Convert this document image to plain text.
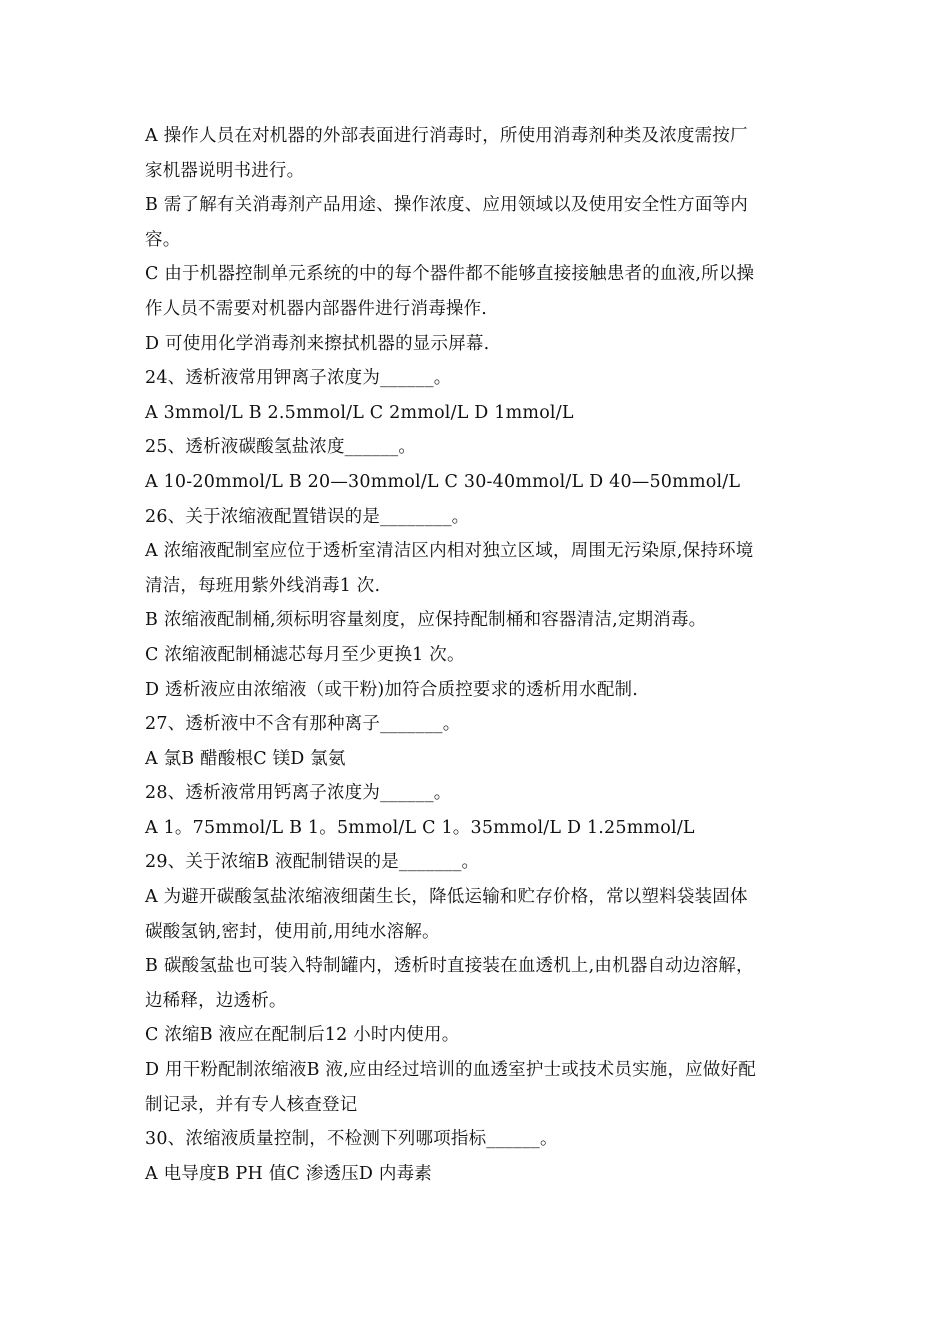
A 操作人员在对机器的外部表面进行消毒时，所使用消毒剂种类及浓度需按厂
家机器说明书进行。
B 需了解有关消毒剂产品用途、操作浓度、应用领域以及使用安全性方面等内
容。
C 由于机器控制单元系统的中的每个器件都不能够直接接触患者的血液,所以操
作人员不需要对机器内部器件进行消毒操作.
D 可使用化学消毒剂来擦拭机器的显示屏幕.
24、透析液常用钾离子浓度为______。
A 3mmol/L B 2.5mmol/L C 2mmol/L D 1mmol/L
25、透析液碳酸氢盐浓度______。
A 10-20mmol/L B 20—30mmol/L C 30-40mmol/L D 40—50mmol/L
26、关于浓缩液配置错误的是________。
A 浓缩液配制室应位于透析室清洁区内相对独立区域，周围无污染原,保持环境
清洁，每班用紫外线消毒1 次.
B 浓缩液配制桶,须标明容量刻度，应保持配制桶和容器清洁,定期消毒。
C 浓缩液配制桶滤芯每月至少更换1 次。
D 透析液应由浓缩液（或干粉)加符合质控要求的透析用水配制.
27、透析液中不含有那种离子_______。
A 氯B 醋酸根C 镁D 氯氨
28、透析液常用钙离子浓度为______。
A 1。75mmol/L B 1。5mmol/L C 1。35mmol/L D 1.25mmol/L
29、关于浓缩B 液配制错误的是_______。
A 为避开碳酸氢盐浓缩液细菌生长，降低运输和贮存价格，常以塑料袋装固体
碳酸氢钠,密封，使用前,用纯水溶解。
B 碳酸氢盐也可装入特制罐内，透析时直接装在血透机上,由机器自动边溶解，
边稀释，边透析。
C 浓缩B 液应在配制后12 小时内使用。
D 用干粉配制浓缩液B 液,应由经过培训的血透室护士或技术员实施，应做好配
制记录，并有专人核查登记
30、浓缩液质量控制，不检测下列哪项指标______。
A 电导度B PH 值C 渗透压D 内毒素
